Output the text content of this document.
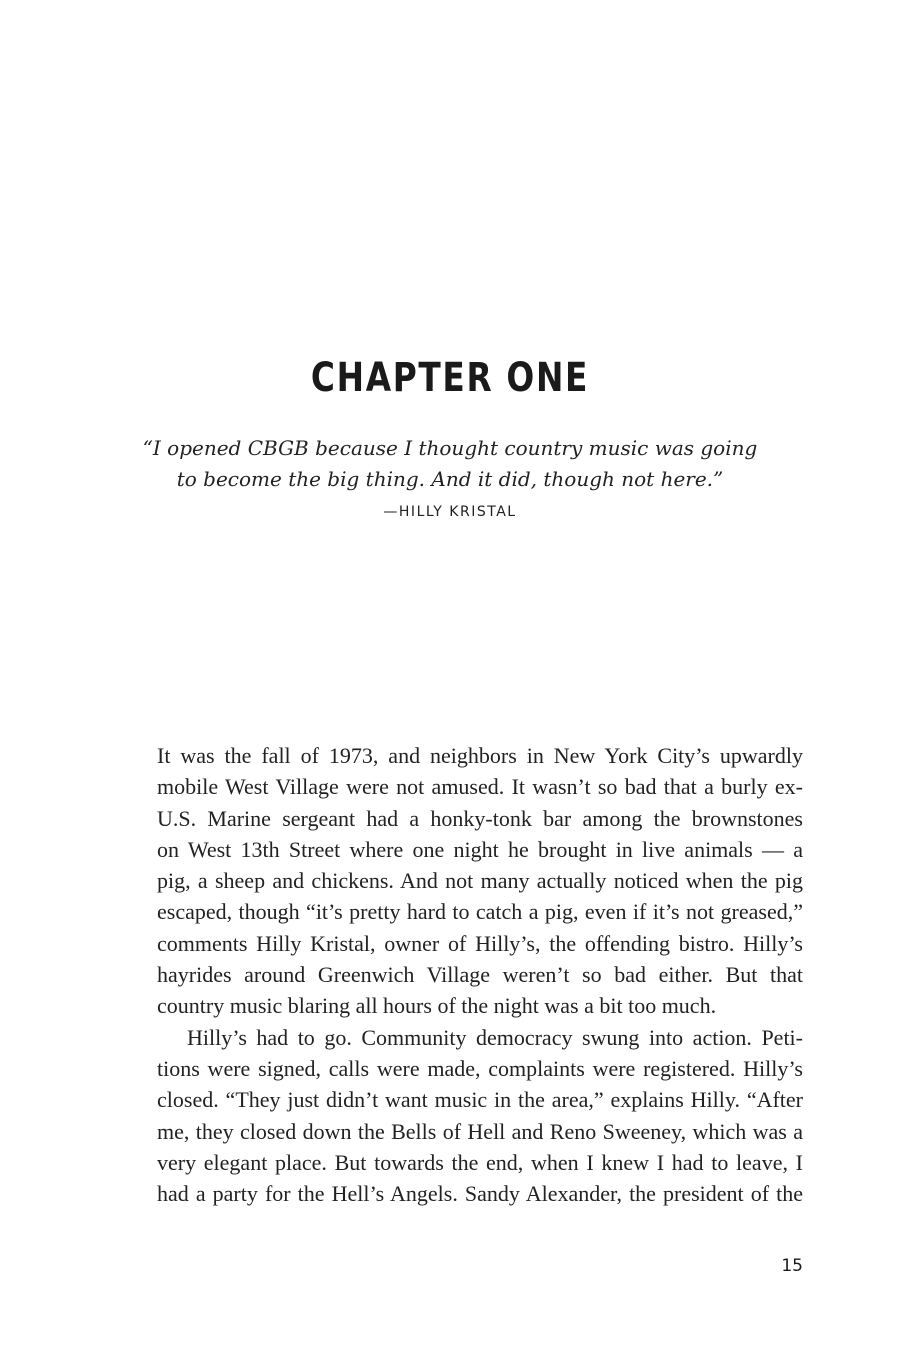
CHAPTER ONE
“I opened CBGB because I thought country music was going
to become the big thing. And it did, though not here.”
—HILLY KRISTAL
It was the fall of 1973, and neighbors in New York City’s upwardly
mobile West Village were not amused. It wasn’t so bad that a burly ex-
U.S. Marine sergeant had a honky-tonk bar among the brownstones
on West 13th Street where one night he brought in live animals — a
pig, a sheep and chickens. And not many actually noticed when the pig
escaped, though “it’s pretty hard to catch a pig, even if it’s not greased,”
comments Hilly Kristal, owner of Hilly’s, the offending bistro. Hilly’s
hayrides around Greenwich Village weren’t so bad either. But that
country music blaring all hours of the night was a bit too much.
Hilly’s had to go. Community democracy swung into action. Peti-
tions were signed, calls were made, complaints were registered. Hilly’s
closed. “They just didn’t want music in the area,” explains Hilly. “After
me, they closed down the Bells of Hell and Reno Sweeney, which was a
very elegant place. But towards the end, when I knew I had to leave, I
had a party for the Hell’s Angels. Sandy Alexander, the president of the
15
